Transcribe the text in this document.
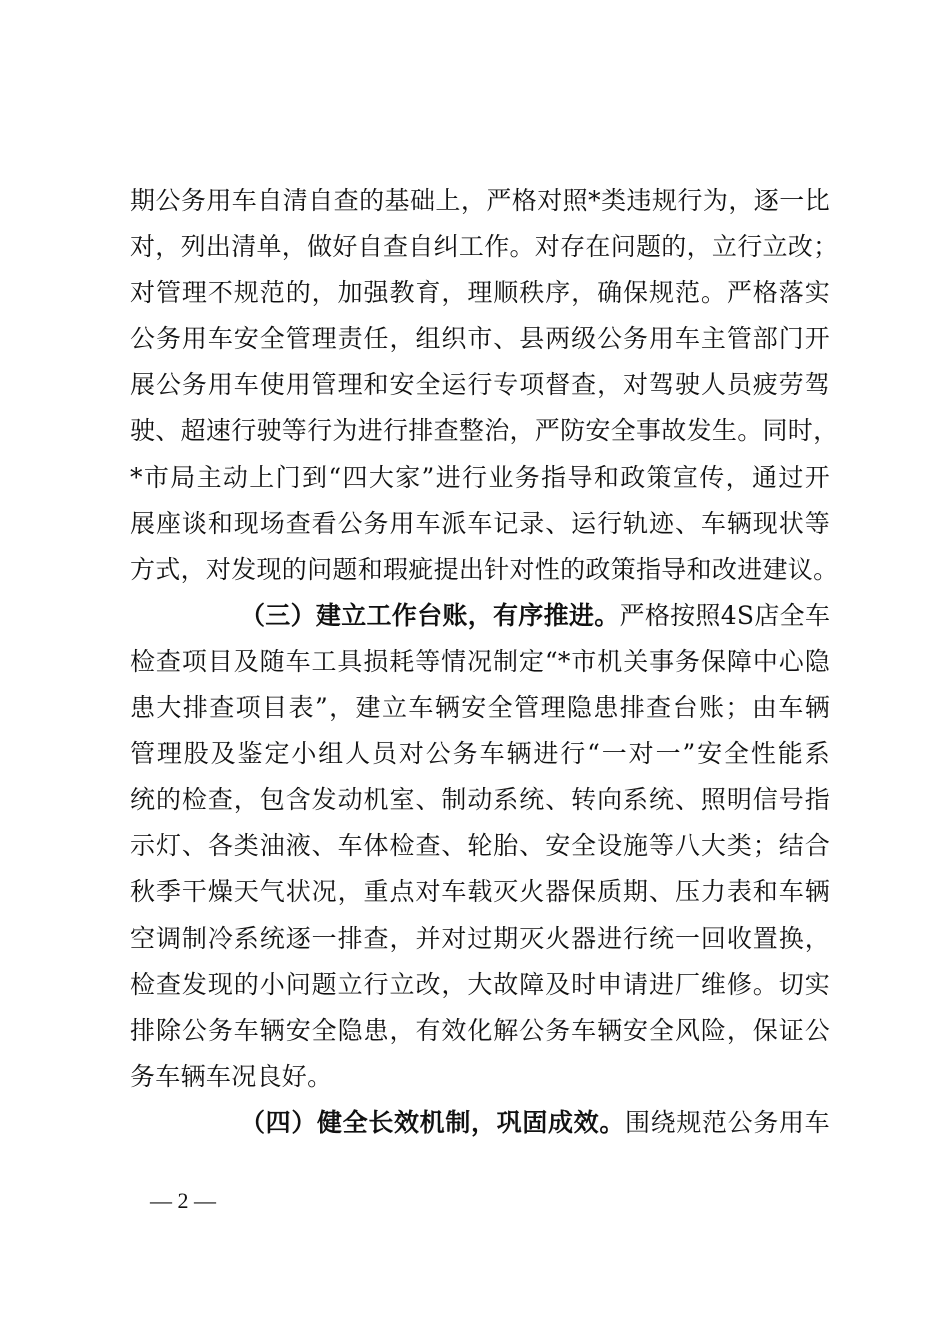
期公务用车自清自查的基础上，严格对照*类违规行为，逐一比
对，列出清单，做好自查自纠工作。对存在问题的，立行立改；
对管理不规范的，加强教育，理顺秩序，确保规范。严格落实
公务用车安全管理责任，组织市、县两级公务用车主管部门开
展公务用车使用管理和安全运行专项督查，对驾驶人员疲劳驾
驶、超速行驶等行为进行排查整治，严防安全事故发生。同时，
*市局主动上门到“四大家”进行业务指导和政策宣传，通过开
展座谈和现场查看公务用车派车记录、运行轨迹、车辆现状等
方式，对发现的问题和瑕疵提出针对性的政策指导和改进建议。
（三）建立工作台账，有序推进。严格按照4S店全车
检查项目及随车工具损耗等情况制定“*市机关事务保障中心隐
患大排查项目表”，建立车辆安全管理隐患排查台账；由车辆
管理股及鉴定小组人员对公务车辆进行“一对一”安全性能系
统的检查，包含发动机室、制动系统、转向系统、照明信号指
示灯、各类油液、车体检查、轮胎、安全设施等八大类；结合
秋季干燥天气状况，重点对车载灭火器保质期、压力表和车辆
空调制冷系统逐一排查，并对过期灭火器进行统一回收置换，
检查发现的小问题立行立改，大故障及时申请进厂维修。切实
排除公务车辆安全隐患，有效化解公务车辆安全风险，保证公
务车辆车况良好。
（四）健全长效机制，巩固成效。围绕规范公务用车
— 2 —
